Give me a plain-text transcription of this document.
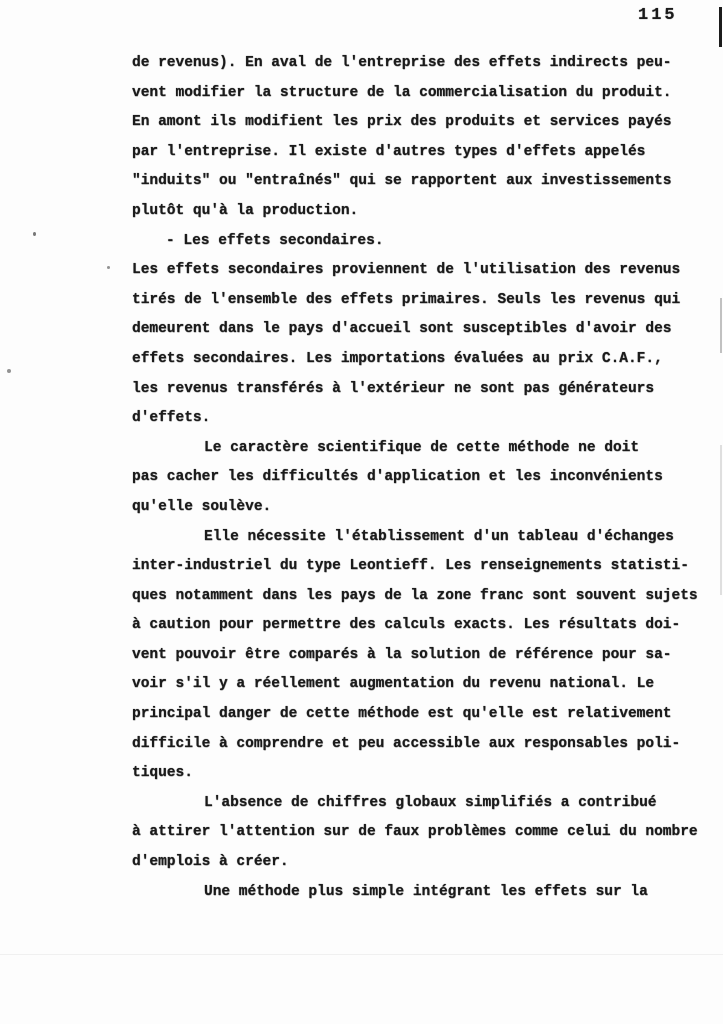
115
de revenus). En aval de l'entreprise des effets indirects peu-
vent modifier la structure de la commercialisation du produit.
En amont ils modifient les prix des produits et services payés
par l'entreprise. Il existe d'autres types d'effets appelés
"induits" ou "entraînés" qui se rapportent aux investissements
plutôt qu'à la production.
- Les effets secondaires.
Les effets secondaires proviennent de l'utilisation des revenus
tirés de l'ensemble des effets primaires. Seuls les revenus qui
demeurent dans le pays d'accueil sont susceptibles d'avoir des
effets secondaires. Les importations évaluées au prix C.A.F.,
les revenus transférés à l'extérieur ne sont pas générateurs
d'effets.
Le caractère scientifique de cette méthode ne doit
pas cacher les difficultés d'application et les inconvénients
qu'elle soulève.
Elle nécessite l'établissement d'un tableau d'échanges
inter-industriel du type Leontieff. Les renseignements statisti-
ques notamment dans les pays de la zone franc sont souvent sujets
à caution pour permettre des calculs exacts. Les résultats doi-
vent pouvoir être comparés à la solution de référence pour sa-
voir s'il y a réellement augmentation du revenu national. Le
principal danger de cette méthode est qu'elle est relativement
difficile à comprendre et peu accessible aux responsables poli-
tiques.
L'absence de chiffres globaux simplifiés a contribué
à attirer l'attention sur de faux problèmes comme celui du nombre
d'emplois à créer.
Une méthode plus simple intégrant les effets sur la
